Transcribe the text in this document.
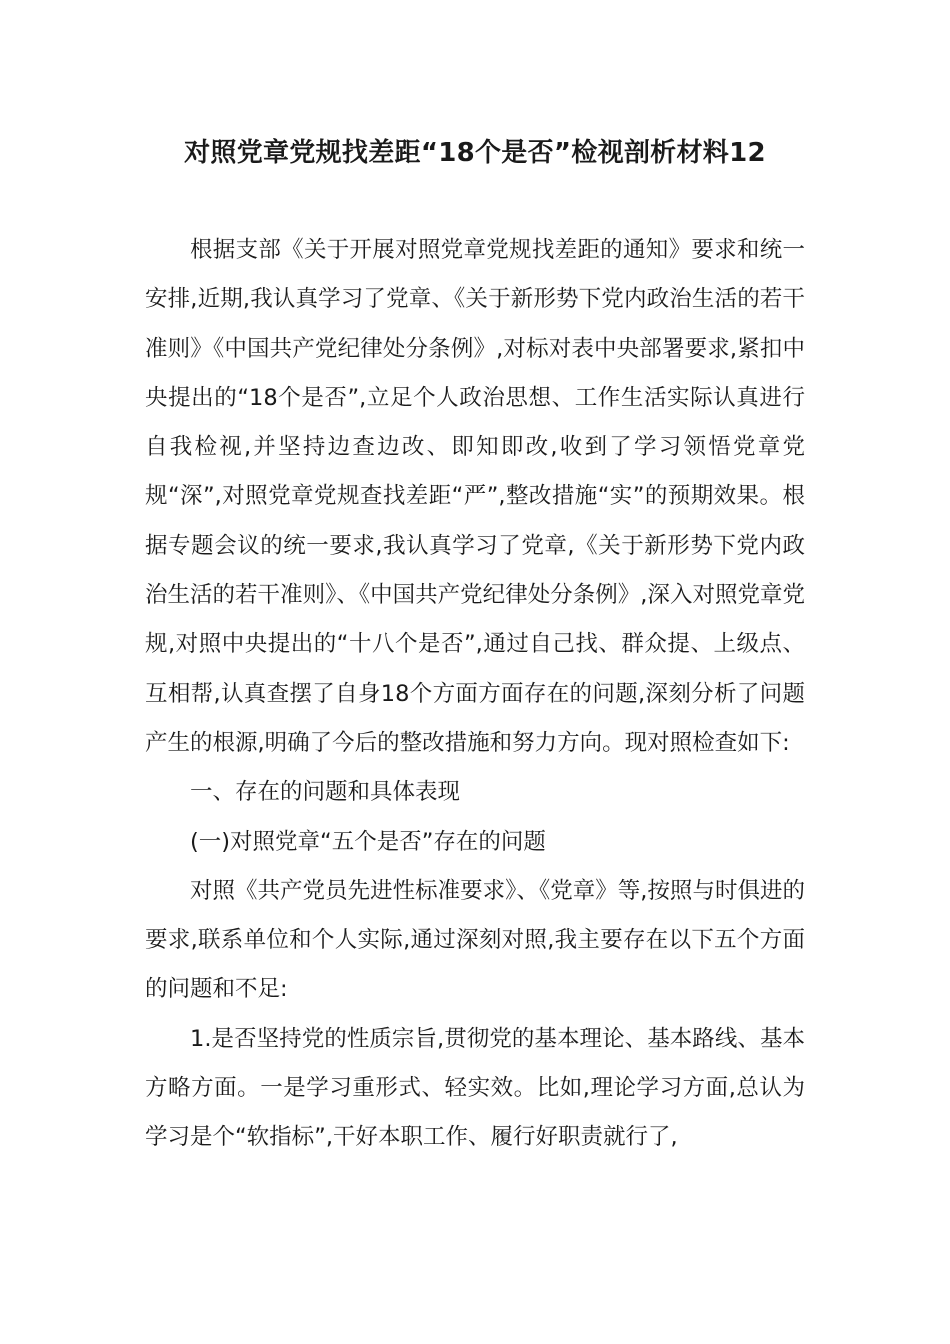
对照党章党规找差距“18个是否”检视剖析材料12

根据支部《关于开展对照党章党规找差距的通知》要求和统一安排,近期,我认真学习了党章、《关于新形势下党内政治生活的若干准则》《中国共产党纪律处分条例》,对标对表中央部署要求,紧扣中央提出的“18个是否”,立足个人政治思想、工作生活实际认真进行自我检视,并坚持边查边改、即知即改,收到了学习领悟党章党规“深”,对照党章党规查找差距“严”,整改措施“实”的预期效果。根据专题会议的统一要求,我认真学习了党章,《关于新形势下党内政治生活的若干准则》、《中国共产党纪律处分条例》,深入对照党章党规,对照中央提出的“十八个是否”,通过自己找、群众提、上级点、互相帮,认真查摆了自身18个方面方面存在的问题,深刻分析了问题产生的根源,明确了今后的整改措施和努力方向。现对照检查如下:

一、存在的问题和具体表现

(一)对照党章“五个是否”存在的问题

对照《共产党员先进性标准要求》、《党章》等,按照与时俱进的要求,联系单位和个人实际,通过深刻对照,我主要存在以下五个方面的问题和不足:

1.是否坚持党的性质宗旨,贯彻党的基本理论、基本路线、基本方略方面。一是学习重形式、轻实效。比如,理论学习方面,总认为学习是个“软指标”,干好本职工作、履行好职责就行了,
